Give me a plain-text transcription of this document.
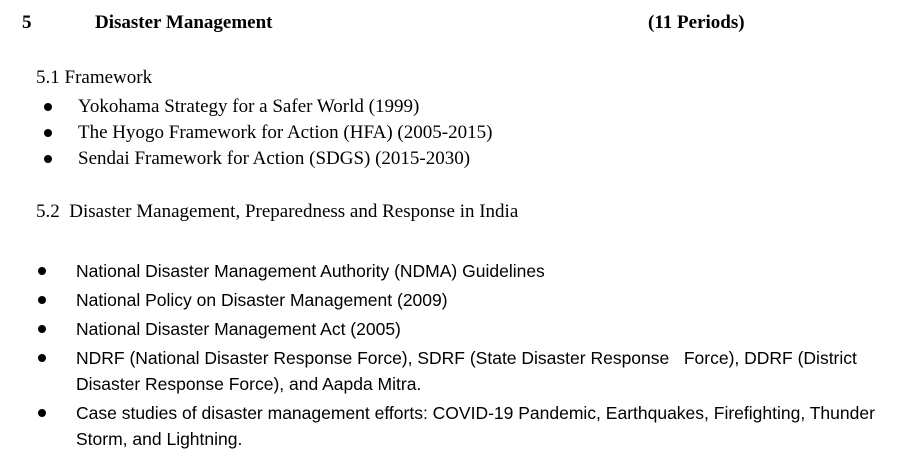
5	Disaster Management	(11 Periods)
5.1 Framework
Yokohama Strategy for a Safer World (1999)
The Hyogo Framework for Action (HFA) (2005-2015)
Sendai Framework for Action (SDGS) (2015-2030)
5.2  Disaster Management, Preparedness and Response in India
National Disaster Management Authority (NDMA) Guidelines
National Policy on Disaster Management (2009)
National Disaster Management Act (2005)
NDRF (National Disaster Response Force), SDRF (State Disaster Response   Force), DDRF (District Disaster Response Force), and Aapda Mitra.
Case studies of disaster management efforts: COVID-19 Pandemic, Earthquakes, Firefighting, Thunder Storm, and Lightning.
